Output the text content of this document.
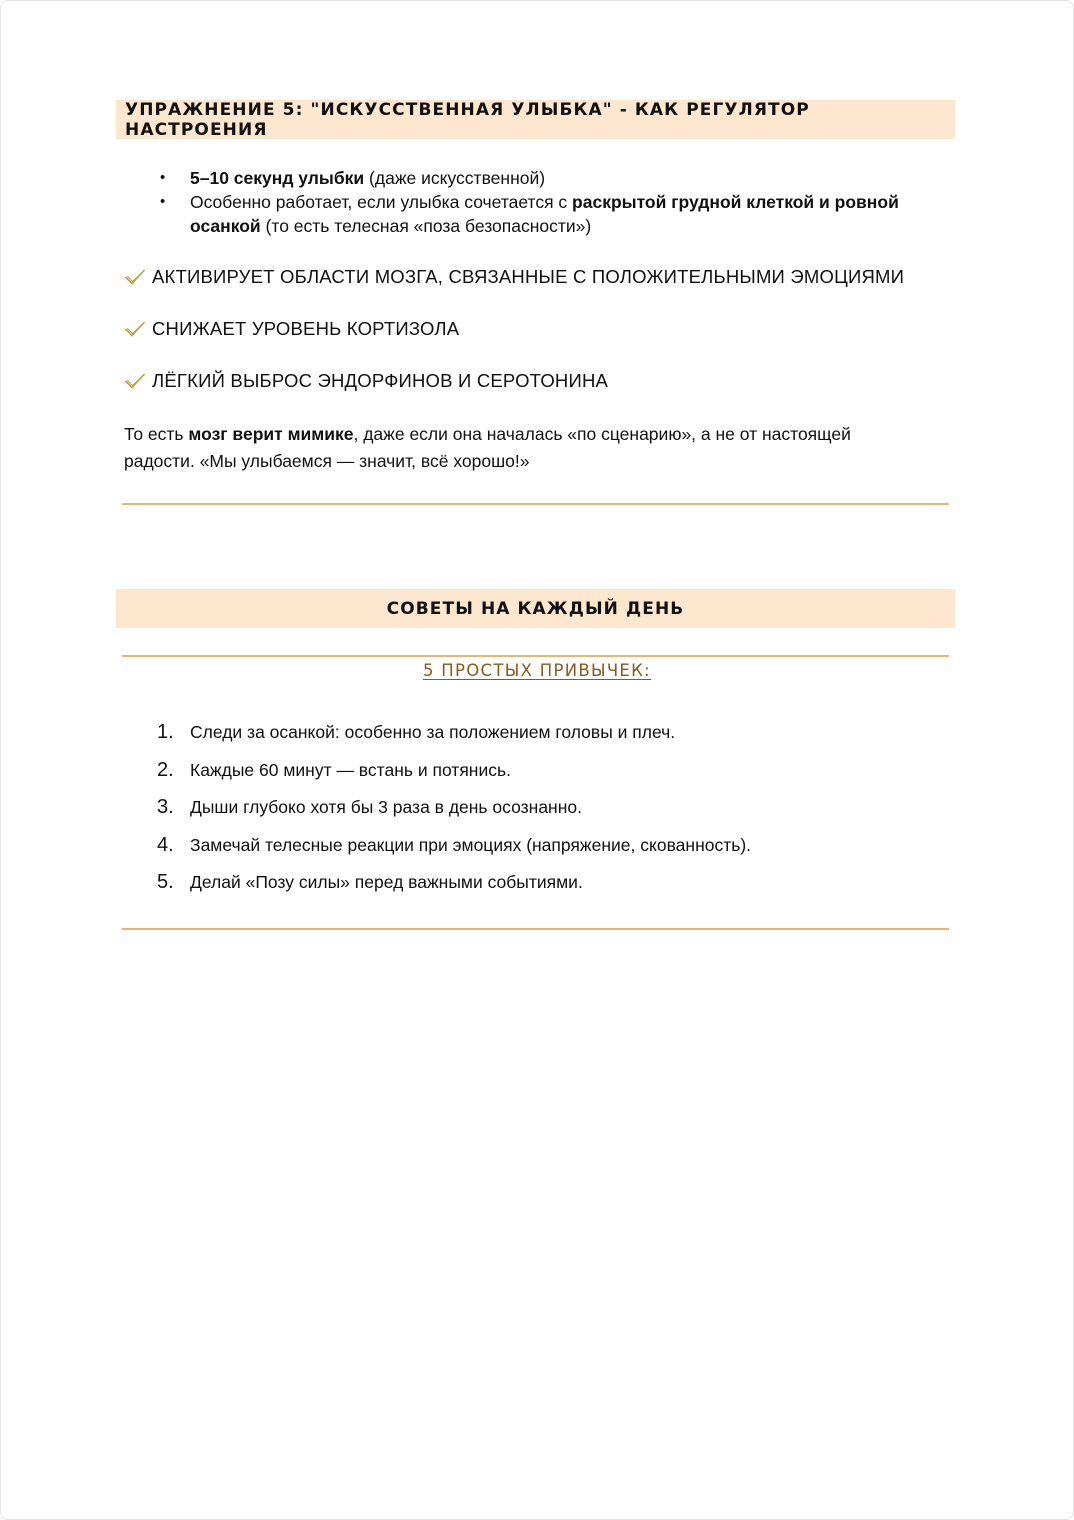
УПРАЖНЕНИЕ 5: "ИСКУССТВЕННАЯ УЛЫБКА" - КАК РЕГУЛЯТОР НАСТРОЕНИЯ
• 5–10 секунд улыбки (даже искусственной)
• Особенно работает, если улыбка сочетается с раскрытой грудной клеткой и ровной осанкой (то есть телесная «поза безопасности»)
АКТИВИРУЕТ ОБЛАСТИ МОЗГА, СВЯЗАННЫЕ С ПОЛОЖИТЕЛЬНЫМИ ЭМОЦИЯМИ
СНИЖАЕТ УРОВЕНЬ КОРТИЗОЛА
ЛЁГКИЙ ВЫБРОС ЭНДОРФИНОВ И СЕРОТОНИНА
То есть мозг верит мимике, даже если она началась «по сценарию», а не от настоящей радости. «Мы улыбаемся — значит, всё хорошо!»
СОВЕТЫ НА КАЖДЫЙ ДЕНЬ
5 ПРОСТЫХ ПРИВЫЧЕК:
1. Следи за осанкой: особенно за положением головы и плеч.
2. Каждые 60 минут — встань и потянись.
3. Дыши глубоко хотя бы 3 раза в день осознанно.
4. Замечай телесные реакции при эмоциях (напряжение, скованность).
5. Делай «Позу силы» перед важными событиями.
